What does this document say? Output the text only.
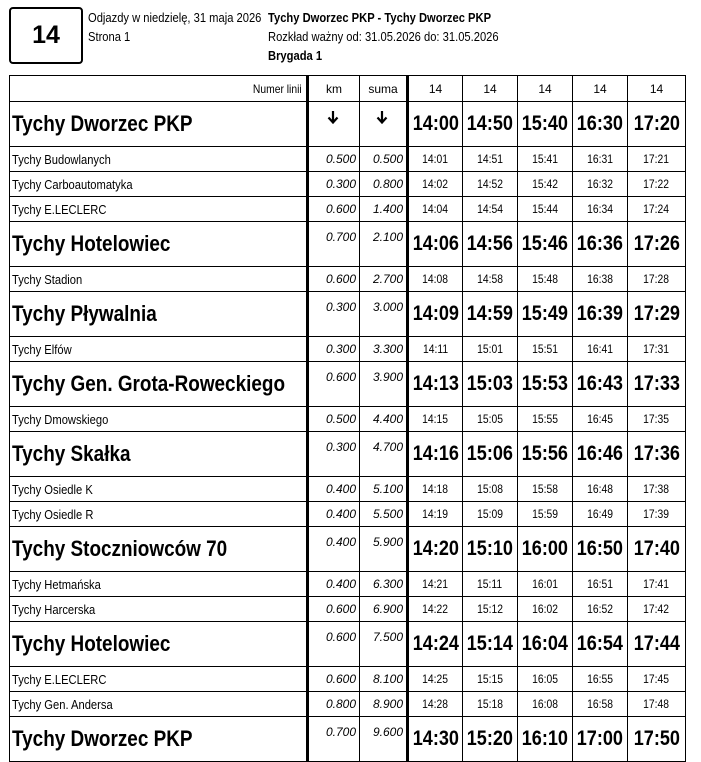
14
Odjazdy w niedzielę, 31 maja 2026
Strona 1
Tychy Dworzec PKP - Tychy Dworzec PKP
Rozkład ważny od: 31.05.2026 do: 31.05.2026
Brygada 1
Numer linii	km	suma	14	14	14	14	14
Tychy Dworzec PKP			14:00	14:50	15:40	16:30	17:20
Tychy Budowlanych	0.500	0.500	14:01	14:51	15:41	16:31	17:21
Tychy Carboautomatyka	0.300	0.800	14:02	14:52	15:42	16:32	17:22
Tychy E.LECLERC	0.600	1.400	14:04	14:54	15:44	16:34	17:24
Tychy Hotelowiec	0.700	2.100	14:06	14:56	15:46	16:36	17:26
Tychy Stadion	0.600	2.700	14:08	14:58	15:48	16:38	17:28
Tychy Pływalnia	0.300	3.000	14:09	14:59	15:49	16:39	17:29
Tychy Elfów	0.300	3.300	14:11	15:01	15:51	16:41	17:31
Tychy Gen. Grota-Roweckiego	0.600	3.900	14:13	15:03	15:53	16:43	17:33
Tychy Dmowskiego	0.500	4.400	14:15	15:05	15:55	16:45	17:35
Tychy Skałka	0.300	4.700	14:16	15:06	15:56	16:46	17:36
Tychy Osiedle K	0.400	5.100	14:18	15:08	15:58	16:48	17:38
Tychy Osiedle R	0.400	5.500	14:19	15:09	15:59	16:49	17:39
Tychy Stoczniowców 70	0.400	5.900	14:20	15:10	16:00	16:50	17:40
Tychy Hetmańska	0.400	6.300	14:21	15:11	16:01	16:51	17:41
Tychy Harcerska	0.600	6.900	14:22	15:12	16:02	16:52	17:42
Tychy Hotelowiec	0.600	7.500	14:24	15:14	16:04	16:54	17:44
Tychy E.LECLERC	0.600	8.100	14:25	15:15	16:05	16:55	17:45
Tychy Gen. Andersa	0.800	8.900	14:28	15:18	16:08	16:58	17:48
Tychy Dworzec PKP	0.700	9.600	14:30	15:20	16:10	17:00	17:50
